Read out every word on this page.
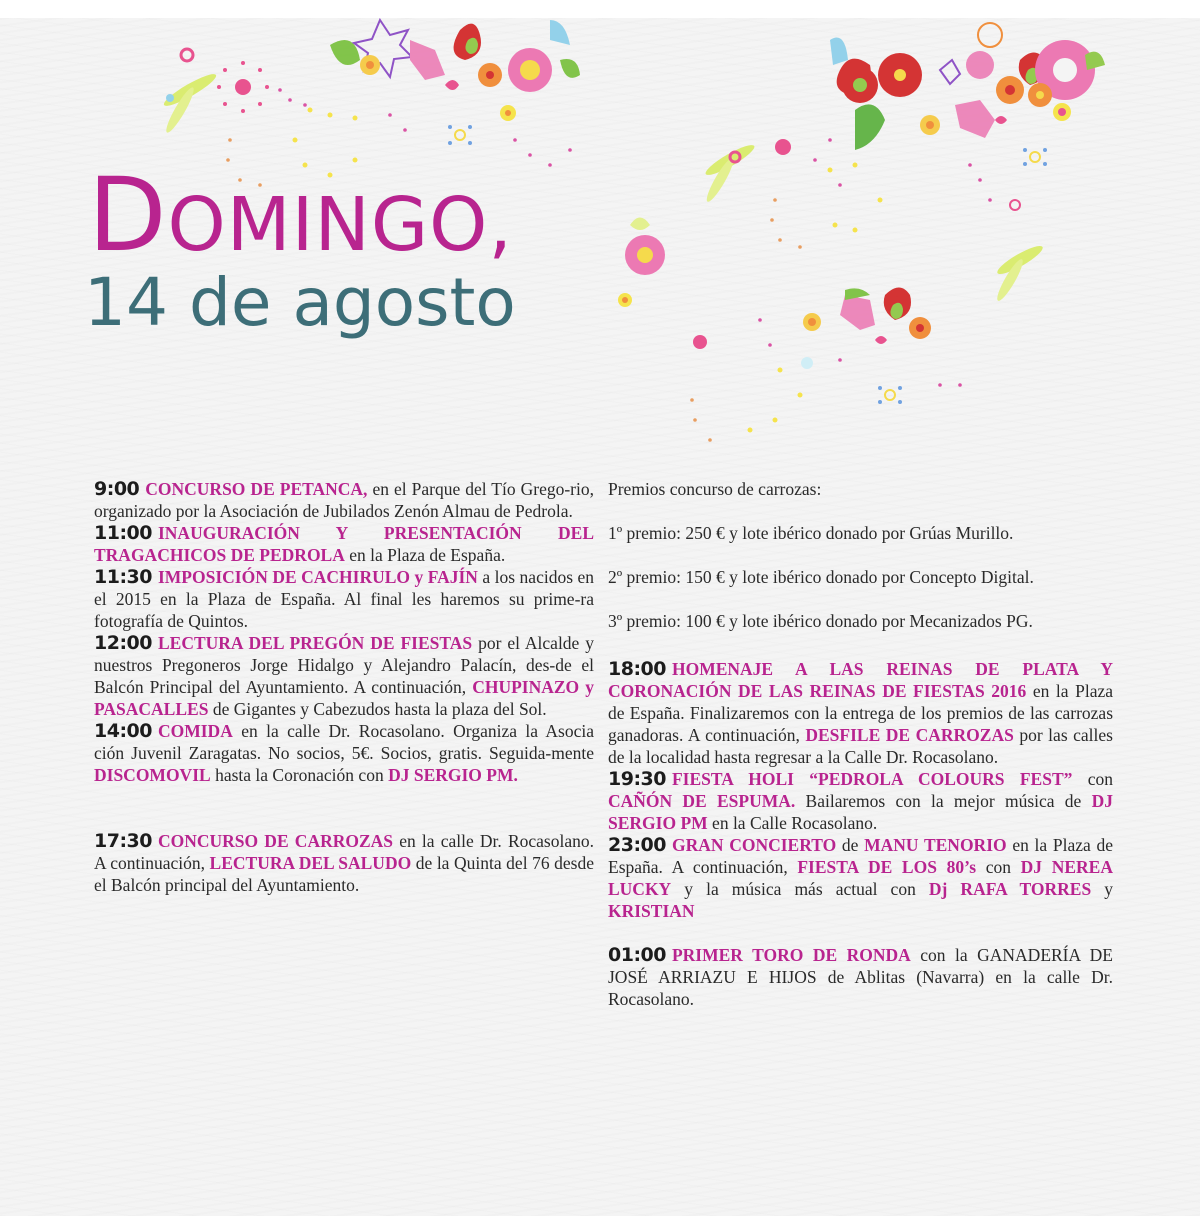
DOMINGO,
14 de agosto

9:00 CONCURSO DE PETANCA, en el Parque del Tío Grego-rio, organizado por la Asociación de Jubilados Zenón Almau de Pedrola.

11:00 INAUGURACIÓN Y PRESENTACIÓN DEL TRAGACHICOS DE PEDROLA en la Plaza de España.

11:30 IMPOSICIÓN DE CACHIRULO y FAJÍN a los nacidos en el 2015 en la Plaza de España. Al final les haremos su prime-ra fotografía de Quintos.

12:00 LECTURA DEL PREGÓN DE FIESTAS por el Alcalde y nuestros Pregoneros Jorge Hidalgo y Alejandro Palacín, des-de el Balcón Principal del Ayuntamiento. A continuación, CHUPINAZO y PASACALLES de Gigantes y Cabezudos hasta la plaza del Sol.

14:00 COMIDA en la calle Dr. Rocasolano. Organiza la Asocia ción Juvenil Zaragatas. No socios, 5€. Socios, gratis. Seguida-mente DISCOMOVIL hasta la Coronación con DJ SERGIO PM.

17:30 CONCURSO DE CARROZAS en la calle Dr. Rocasolano. A continuación, LECTURA DEL SALUDO de la Quinta del 76 desde el Balcón principal del Ayuntamiento.

Premios concurso de carrozas:

1º premio: 250 € y lote ibérico donado por Grúas Murillo.

2º premio: 150 € y lote ibérico donado por Concepto Digital.

3º premio: 100 € y lote ibérico donado por Mecanizados PG.

18:00 HOMENAJE A LAS REINAS DE PLATA Y CORONACIÓN DE LAS REINAS DE FIESTAS 2016 en la Plaza de España. Finalizaremos con la entrega de los premios de las carrozas ganadoras. A continuación, DESFILE DE CARROZAS por las calles de la localidad hasta regresar a la Calle Dr. Rocasolano.

19:30 FIESTA HOLI “PEDROLA COLOURS FEST” con CAÑÓN DE ESPUMA. Bailaremos con la mejor música de DJ SERGIO PM en la Calle Rocasolano.

23:00 GRAN CONCIERTO de MANU TENORIO en la Plaza de España. A continuación, FIESTA DE LOS 80’s con DJ NEREA LUCKY y la música más actual con Dj RAFA TORRES y KRISTIAN

01:00 PRIMER TORO DE RONDA con la GANADERÍA DE JOSÉ ARRIAZU E HIJOS de Ablitas (Navarra) en la calle Dr. Rocasolano.
